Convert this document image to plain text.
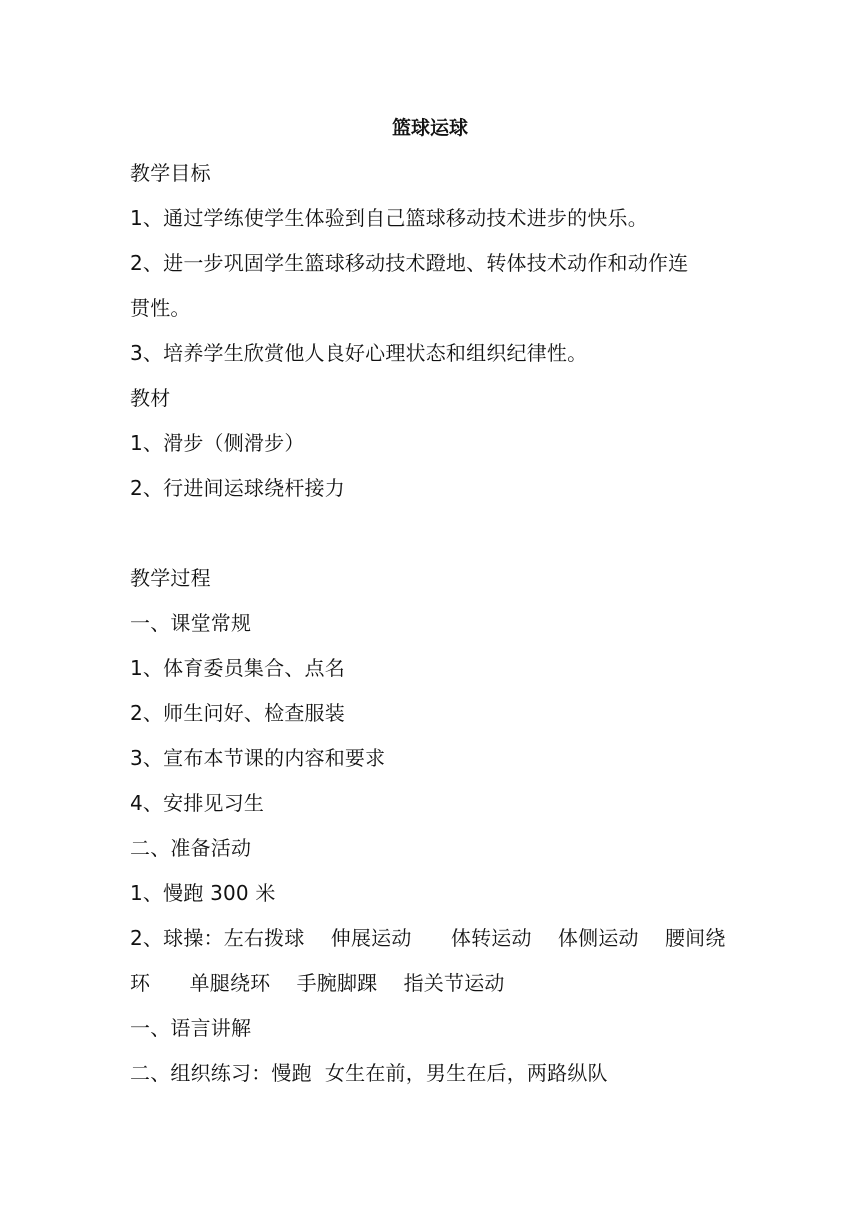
篮球运球
教学目标
1、通过学练使学生体验到自己篮球移动技术进步的快乐。
2、进一步巩固学生篮球移动技术蹬地、转体技术动作和动作连
贯性。
3、培养学生欣赏他人良好心理状态和组织纪律性。
教材
1、滑步（侧滑步）
2、行进间运球绕杆接力
教学过程
一、课堂常规
1、体育委员集合、点名
2、师生问好、检查服装
3、宣布本节课的内容和要求
4、安排见习生
二、准备活动
1、慢跑 300 米
2、球操：左右拨球    伸展运动      体转运动    体侧运动    腰间绕
环      单腿绕环    手腕脚踝    指关节运动
一、语言讲解
二、组织练习：慢跑  女生在前，男生在后，两路纵队
